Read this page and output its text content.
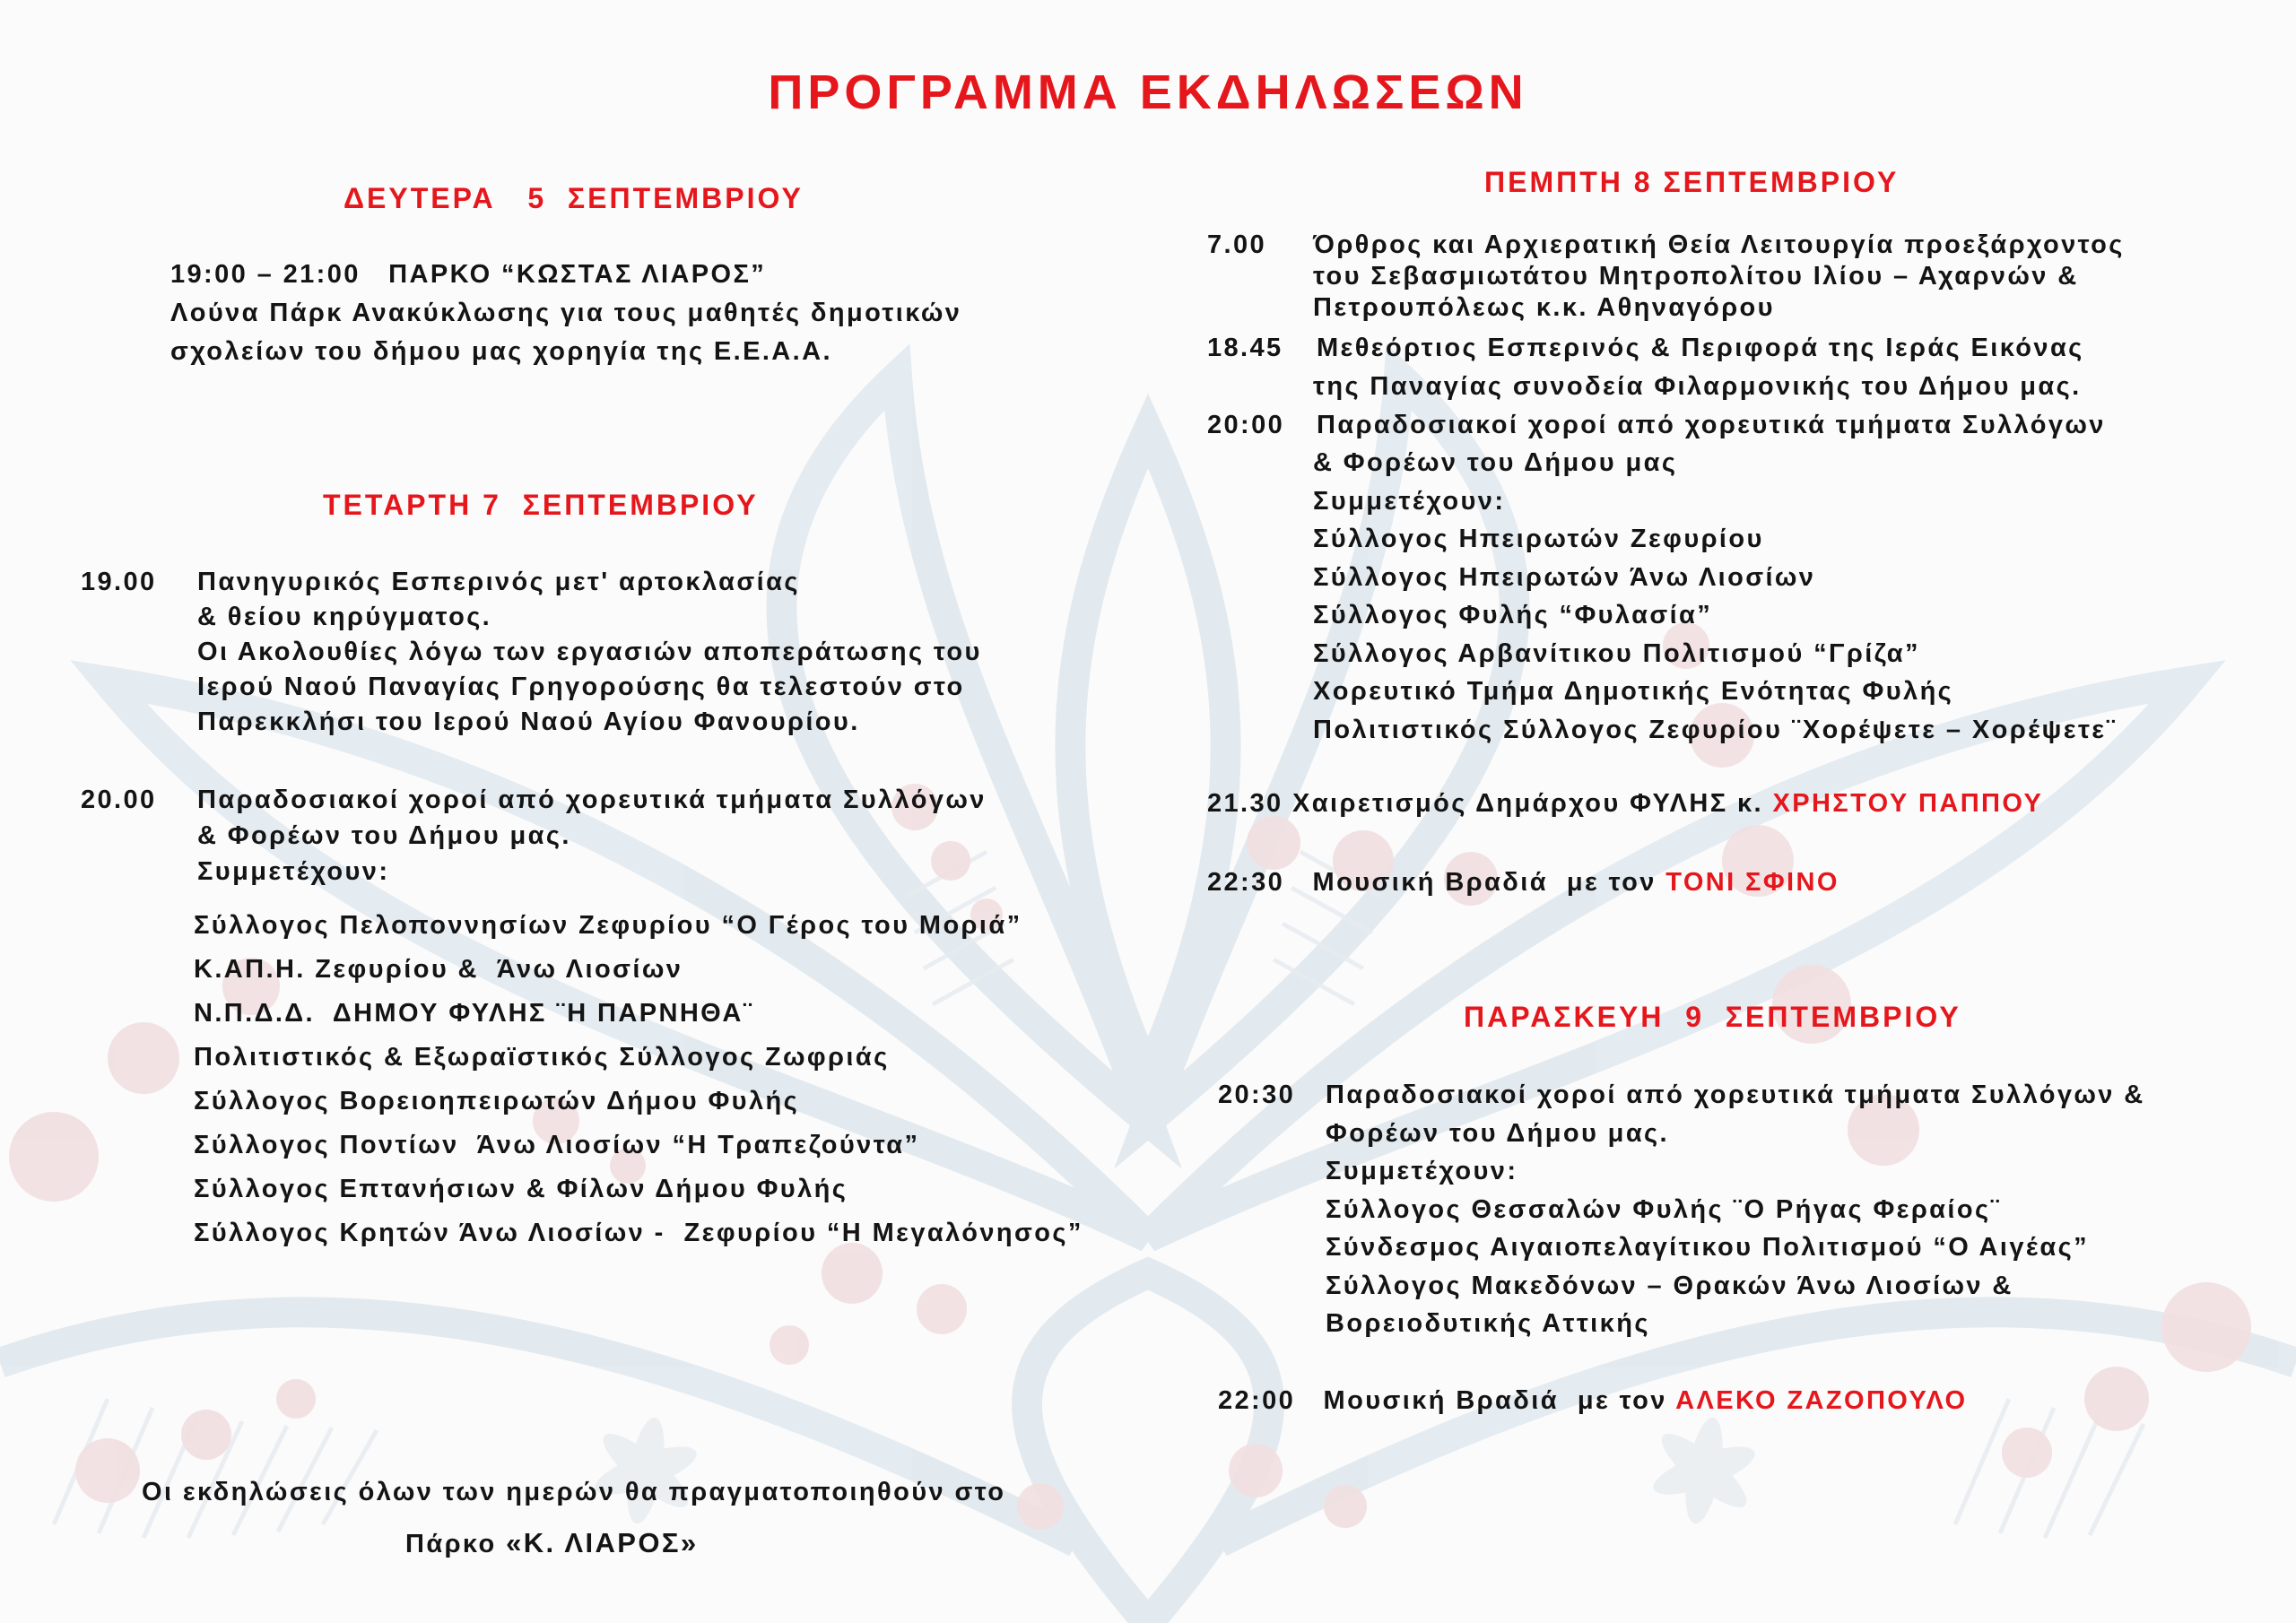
ΠΡΟΓΡΑΜΜΑ ΕΚΔΗΛΩΣΕΩΝ
ΔΕΥΤΕΡΑ   5  ΣΕΠΤΕΜΒΡΙΟΥ
19:00 – 21:00   ΠΑΡΚΟ “ΚΩΣΤΑΣ ΛΙΑΡΟΣ”
Λούνα Πάρκ Ανακύκλωσης για τους μαθητές δημοτικών
σχολείων του δήμου μας χορηγία της Ε.Ε.Α.Α.
ΤΕΤΑΡΤΗ 7  ΣΕΠΤΕΜΒΡΙΟΥ
19.00 Πανηγυρικός Εσπερινός μετ' αρτοκλασίας
& θείου κηρύγματος.
Οι Ακολουθίες λόγω των εργασιών αποπεράτωσης του
Ιερού Ναού Παναγίας Γρηγορούσης θα τελεστούν στο
Παρεκκλήσι του Ιερού Ναού Αγίου Φανουρίου.
20.00 Παραδοσιακοί χοροί από χορευτικά τμήματα Συλλόγων
& Φορέων του Δήμου μας.
Συμμετέχουν:
Σύλλογος Πελοποννησίων Ζεφυρίου “Ο Γέρος του Μοριά”
Κ.ΑΠ.Η. Ζεφυρίου &  Άνω Λιοσίων
Ν.Π.Δ.Δ.  ΔΗΜΟΥ ΦΥΛΗΣ ¨Η ΠΑΡΝΗΘΑ¨
Πολιτιστικός & Εξωραϊστικός Σύλλογος Ζωφριάς
Σύλλογος Βορειοηπειρωτών Δήμου Φυλής
Σύλλογος Ποντίων  Άνω Λιοσίων “Η Τραπεζούντα”
Σύλλογος Επτανήσιων & Φίλων Δήμου Φυλής
Σύλλογος Κρητών Άνω Λιοσίων -  Ζεφυρίου “Η Μεγαλόνησος”
Οι εκδηλώσεις όλων των ημερών θα πραγματοποιηθούν στο
Πάρκο «Κ. ΛΙΑΡΟΣ»
ΠΕΜΠΤΗ 8 ΣΕΠΤΕΜΒΡΙΟΥ
7.00 Όρθρος και Αρχιερατική Θεία Λειτουργία προεξάρχοντος
του Σεβασμιωτάτου Μητροπολίτου Ιλίου – Αχαρνών &
Πετρουπόλεως κ.κ. Αθηναγόρου
18.45 Μεθεόρτιος Εσπερινός & Περιφορά της Ιεράς Εικόνας
της Παναγίας συνοδεία Φιλαρμονικής του Δήμου μας.
20:00 Παραδοσιακοί χοροί από χορευτικά τμήματα Συλλόγων
& Φορέων του Δήμου μας
Συμμετέχουν:
Σύλλογος Ηπειρωτών Ζεφυρίου
Σύλλογος Ηπειρωτών Άνω Λιοσίων
Σύλλογος Φυλής “Φυλασία”
Σύλλογος Αρβανίτικου Πολιτισμού “Γρίζα”
Χορευτικό Τμήμα Δημοτικής Ενότητας Φυλής
Πολιτιστικός Σύλλογος Ζεφυρίου ¨Χορέψετε – Χορέψετε¨
21.30 Χαιρετισμός Δημάρχου ΦΥΛΗΣ κ. ΧΡΗΣΤΟΥ ΠΑΠΠΟΥ
22:30 Μουσική Βραδιά  με τον ΤΟΝΙ ΣΦΙΝΟ
ΠΑΡΑΣΚΕΥΗ  9  ΣΕΠΤΕΜΒΡΙΟΥ
20:30 Παραδοσιακοί χοροί από χορευτικά τμήματα Συλλόγων &
Φορέων του Δήμου μας.
Συμμετέχουν:
Σύλλογος Θεσσαλών Φυλής ¨Ο Ρήγας Φεραίος¨
Σύνδεσμος Αιγαιοπελαγίτικου Πολιτισμού “Ο Αιγέας”
Σύλλογος Μακεδόνων – Θρακών Άνω Λιοσίων &
Βορειοδυτικής Αττικής
22:00 Μουσική Βραδιά  με τον ΑΛΕΚΟ ΖΑΖΟΠΟΥΛΟ
